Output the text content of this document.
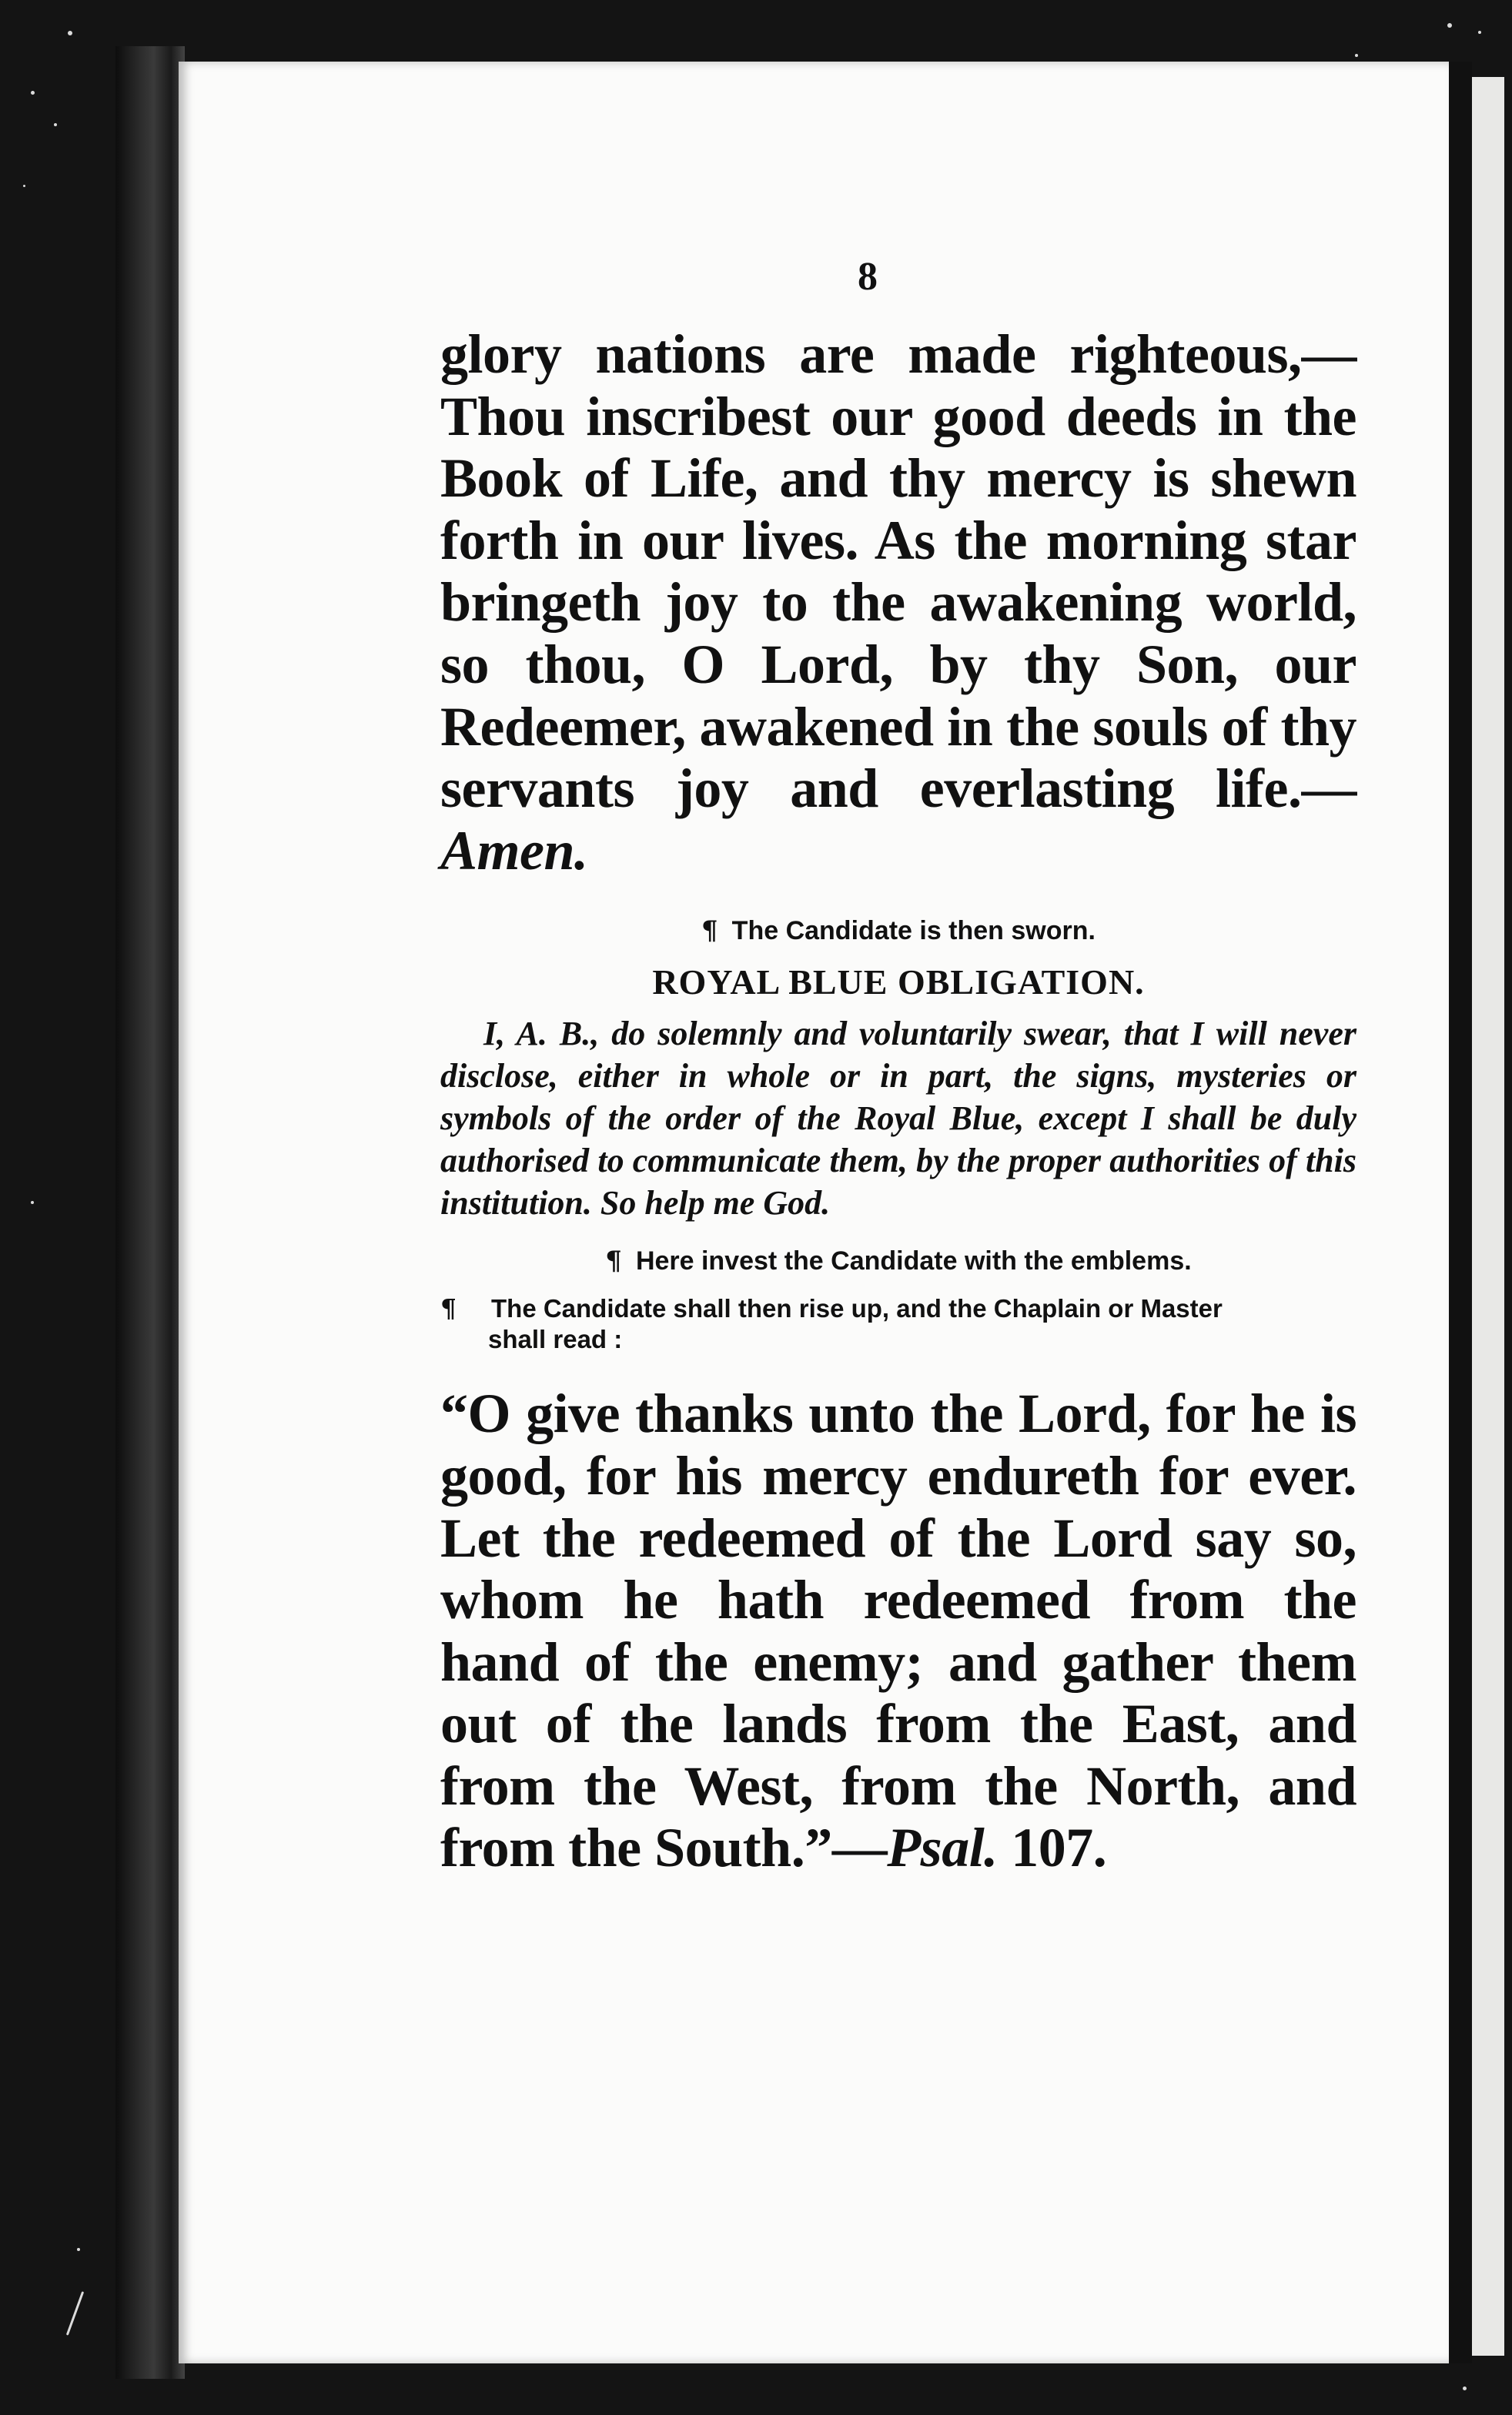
8

glory nations are made righteous,— Thou inscribest our good deeds in the Book of Life, and thy mercy is shewn forth in our lives. As the morning star bringeth joy to the awakening world, so thou, O Lord, by thy Son, our Redeemer, awakened in the souls of thy servants joy and everlasting life.—Amen.

¶ The Candidate is then sworn.

ROYAL BLUE OBLIGATION.

I, A. B., do solemnly and voluntarily swear, that I will never disclose, either in whole or in part, the signs, mysteries or symbols of the order of the Royal Blue, except I shall be duly authorised to communicate them, by the proper authorities of this institution. So help me God.

¶ Here invest the Candidate with the emblems.

¶ The Candidate shall then rise up, and the Chaplain or Master

shall read :

“O give thanks unto the Lord, for he is good, for his mercy endureth for ever. Let the redeemed of the Lord say so, whom he hath redeemed from the hand of the enemy; and gather them out of the lands from the East, and from the West, from the North, and from the South.”—Psal. 107.
